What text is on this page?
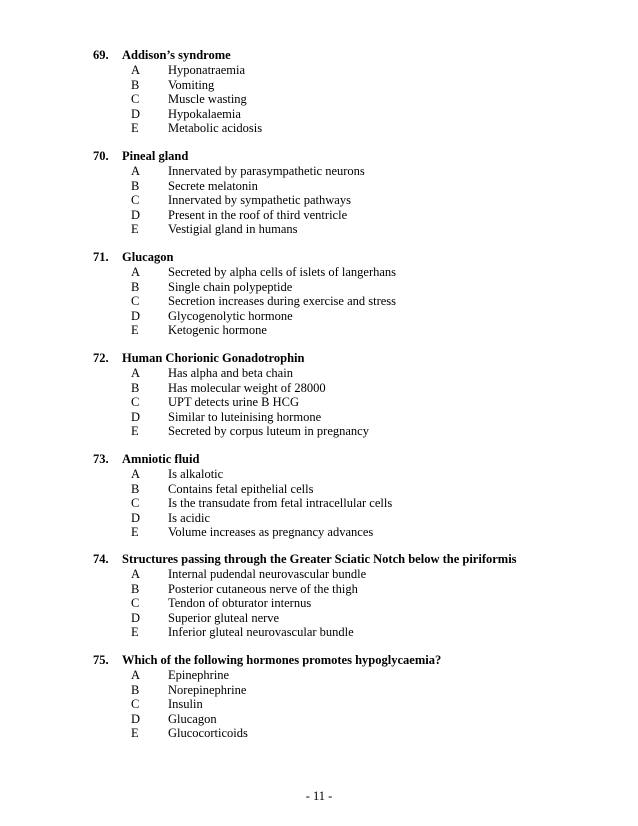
69. Addison’s syndrome
A Hyponatraemia
B Vomiting
C Muscle wasting
D Hypokalaemia
E Metabolic acidosis
70. Pineal gland
A Innervated by parasympathetic neurons
B Secrete melatonin
C Innervated by sympathetic pathways
D Present in the roof of third ventricle
E Vestigial gland in humans
71. Glucagon
A Secreted by alpha cells of islets of langerhans
B Single chain polypeptide
C Secretion increases during exercise and stress
D Glycogenolytic hormone
E Ketogenic hormone
72. Human Chorionic Gonadotrophin
A Has alpha and beta chain
B Has molecular weight of 28000
C UPT detects urine B HCG
D Similar to luteinising hormone
E Secreted by corpus luteum in pregnancy
73. Amniotic fluid
A Is alkalotic
B Contains fetal epithelial cells
C Is the transudate from fetal intracellular cells
D Is acidic
E Volume increases as pregnancy advances
74. Structures passing through the Greater Sciatic Notch below the piriformis
A Internal pudendal neurovascular bundle
B Posterior cutaneous nerve of the thigh
C Tendon of obturator internus
D Superior gluteal nerve
E Inferior gluteal neurovascular bundle
75. Which of the following hormones promotes hypoglycaemia?
A Epinephrine
B Norepinephrine
C Insulin
D Glucagon
E Glucocorticoids
- 11 -
